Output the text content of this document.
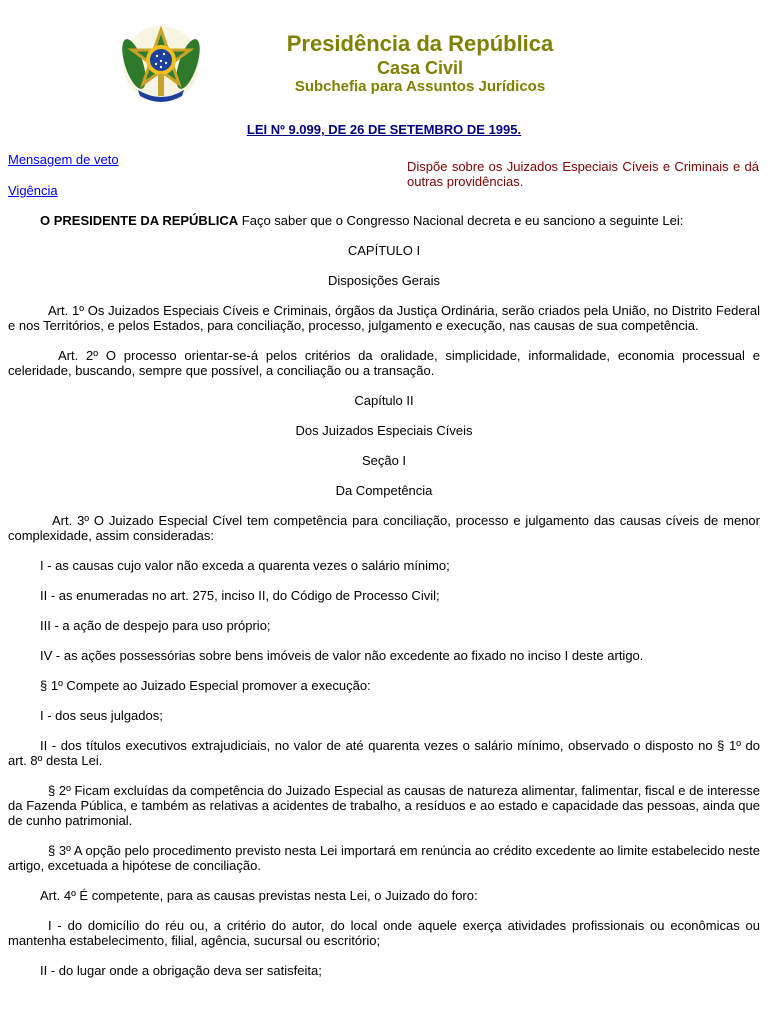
Presidência da República
Casa Civil
Subchefia para Assuntos Jurídicos
LEI Nº 9.099, DE 26 DE SETEMBRO DE 1995.
Mensagem de veto
Vigência
Dispõe sobre os Juizados Especiais Cíveis e Criminais e dá outras providências.

O PRESIDENTE DA REPÚBLICA Faço saber que o Congresso Nacional decreta e eu sanciono a seguinte Lei:

CAPÍTULO I

Disposições Gerais

Art. 1º Os Juizados Especiais Cíveis e Criminais, órgãos da Justiça Ordinária, serão criados pela União, no Distrito Federal e nos Territórios, e pelos Estados, para conciliação, processo, julgamento e execução, nas causas de sua competência.

Art. 2º O processo orientar-se-á pelos critérios da oralidade, simplicidade, informalidade, economia processual e celeridade, buscando, sempre que possível, a conciliação ou a transação.

Capítulo II

Dos Juizados Especiais Cíveis

Seção I

Da Competência

Art. 3º O Juizado Especial Cível tem competência para conciliação, processo e julgamento das causas cíveis de menor complexidade, assim consideradas:

I - as causas cujo valor não exceda a quarenta vezes o salário mínimo;

II - as enumeradas no art. 275, inciso II, do Código de Processo Civil;

III - a ação de despejo para uso próprio;

IV - as ações possessórias sobre bens imóveis de valor não excedente ao fixado no inciso I deste artigo.

§ 1º Compete ao Juizado Especial promover a execução:

I - dos seus julgados;

II - dos títulos executivos extrajudiciais, no valor de até quarenta vezes o salário mínimo, observado o disposto no § 1º do art. 8º desta Lei.

§ 2º Ficam excluídas da competência do Juizado Especial as causas de natureza alimentar, falimentar, fiscal e de interesse da Fazenda Pública, e também as relativas a acidentes de trabalho, a resíduos e ao estado e capacidade das pessoas, ainda que de cunho patrimonial.

§ 3º A opção pelo procedimento previsto nesta Lei importará em renúncia ao crédito excedente ao limite estabelecido neste artigo, excetuada a hipótese de conciliação.

Art. 4º É competente, para as causas previstas nesta Lei, o Juizado do foro:

I - do domicílio do réu ou, a critério do autor, do local onde aquele exerça atividades profissionais ou econômicas ou mantenha estabelecimento, filial, agência, sucursal ou escritório;

II - do lugar onde a obrigação deva ser satisfeita;
